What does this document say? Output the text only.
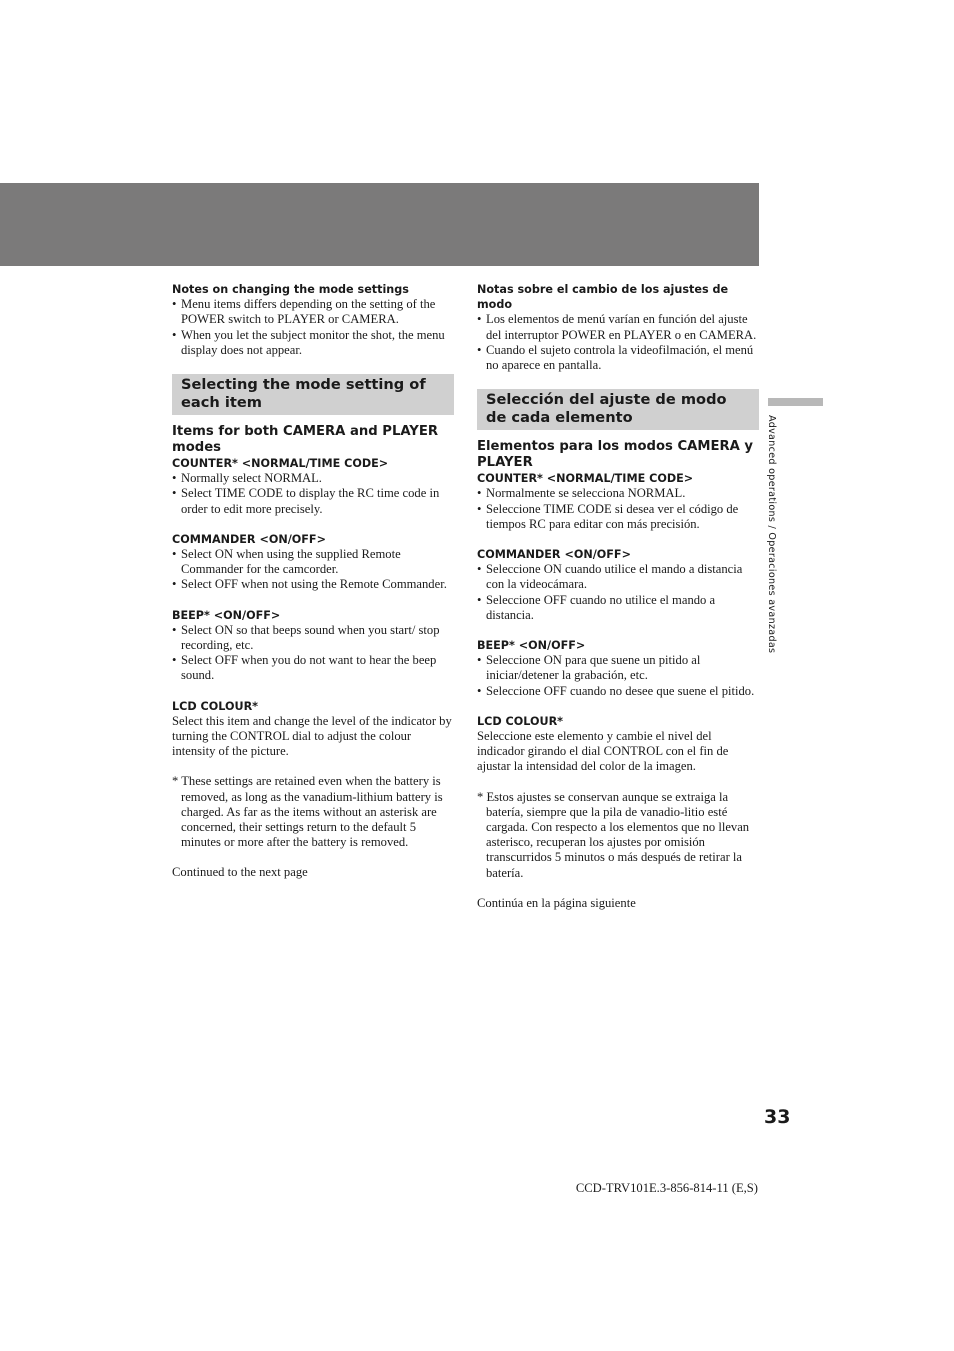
Notes on changing the mode settings
• Menu items differs depending on the setting of the POWER switch to PLAYER or CAMERA.
• When you let the subject monitor the shot, the menu display does not appear.
Selecting the mode setting of each item
Items for both CAMERA and PLAYER modes
COUNTER* <NORMAL/TIME CODE>
• Normally select NORMAL.
• Select TIME CODE to display the RC time code in order to edit more precisely.
COMMANDER <ON/OFF>
• Select ON when using the supplied Remote Commander for the camcorder.
• Select OFF when not using the Remote Commander.
BEEP* <ON/OFF>
• Select ON so that beeps sound when you start/ stop recording, etc.
• Select OFF when you do not want to hear the beep sound.
LCD COLOUR*

Select this item and change the level of the indicator by turning the CONTROL dial to adjust the colour intensity of the picture.

* These settings are retained even when the battery is removed, as long as the vanadium-lithium battery is charged. As far as the items without an asterisk are concerned, their settings return to the default 5 minutes or more after the battery is removed.

Continued to the next page

Notas sobre el cambio de los ajustes de modo
• Los elementos de menú varían en función del ajuste del interruptor POWER en PLAYER o en CAMERA.
• Cuando el sujeto controla la videofilmación, el menú no aparece en pantalla.
Selección del ajuste de modo de cada elemento
Elementos para los modos CAMERA y PLAYER
COUNTER* <NORMAL/TIME CODE>
• Normalmente se selecciona NORMAL.
• Seleccione TIME CODE si desea ver el código de tiempos RC para editar con más precisión.
COMMANDER <ON/OFF>
• Seleccione ON cuando utilice el mando a distancia con la videocámara.
• Seleccione OFF cuando no utilice el mando a distancia.
BEEP* <ON/OFF>
• Seleccione ON para que suene un pitido al iniciar/detener la grabación, etc.
• Seleccione OFF cuando no desee que suene el pitido.
LCD COLOUR*

Seleccione este elemento y cambie el nivel del indicador girando el dial CONTROL con el fin de ajustar la intensidad del color de la imagen.

* Estos ajustes se conservan aunque se extraiga la batería, siempre que la pila de vanadio-litio esté cargada. Con respecto a los elementos que no llevan asterisco, recuperan los ajustes por omisión transcurridos 5 minutos o más después de retirar la batería.

Continúa en la página siguiente

Advanced operations / Operaciones avanzadas
33
CCD-TRV101E.3-856-814-11 (E,S)
